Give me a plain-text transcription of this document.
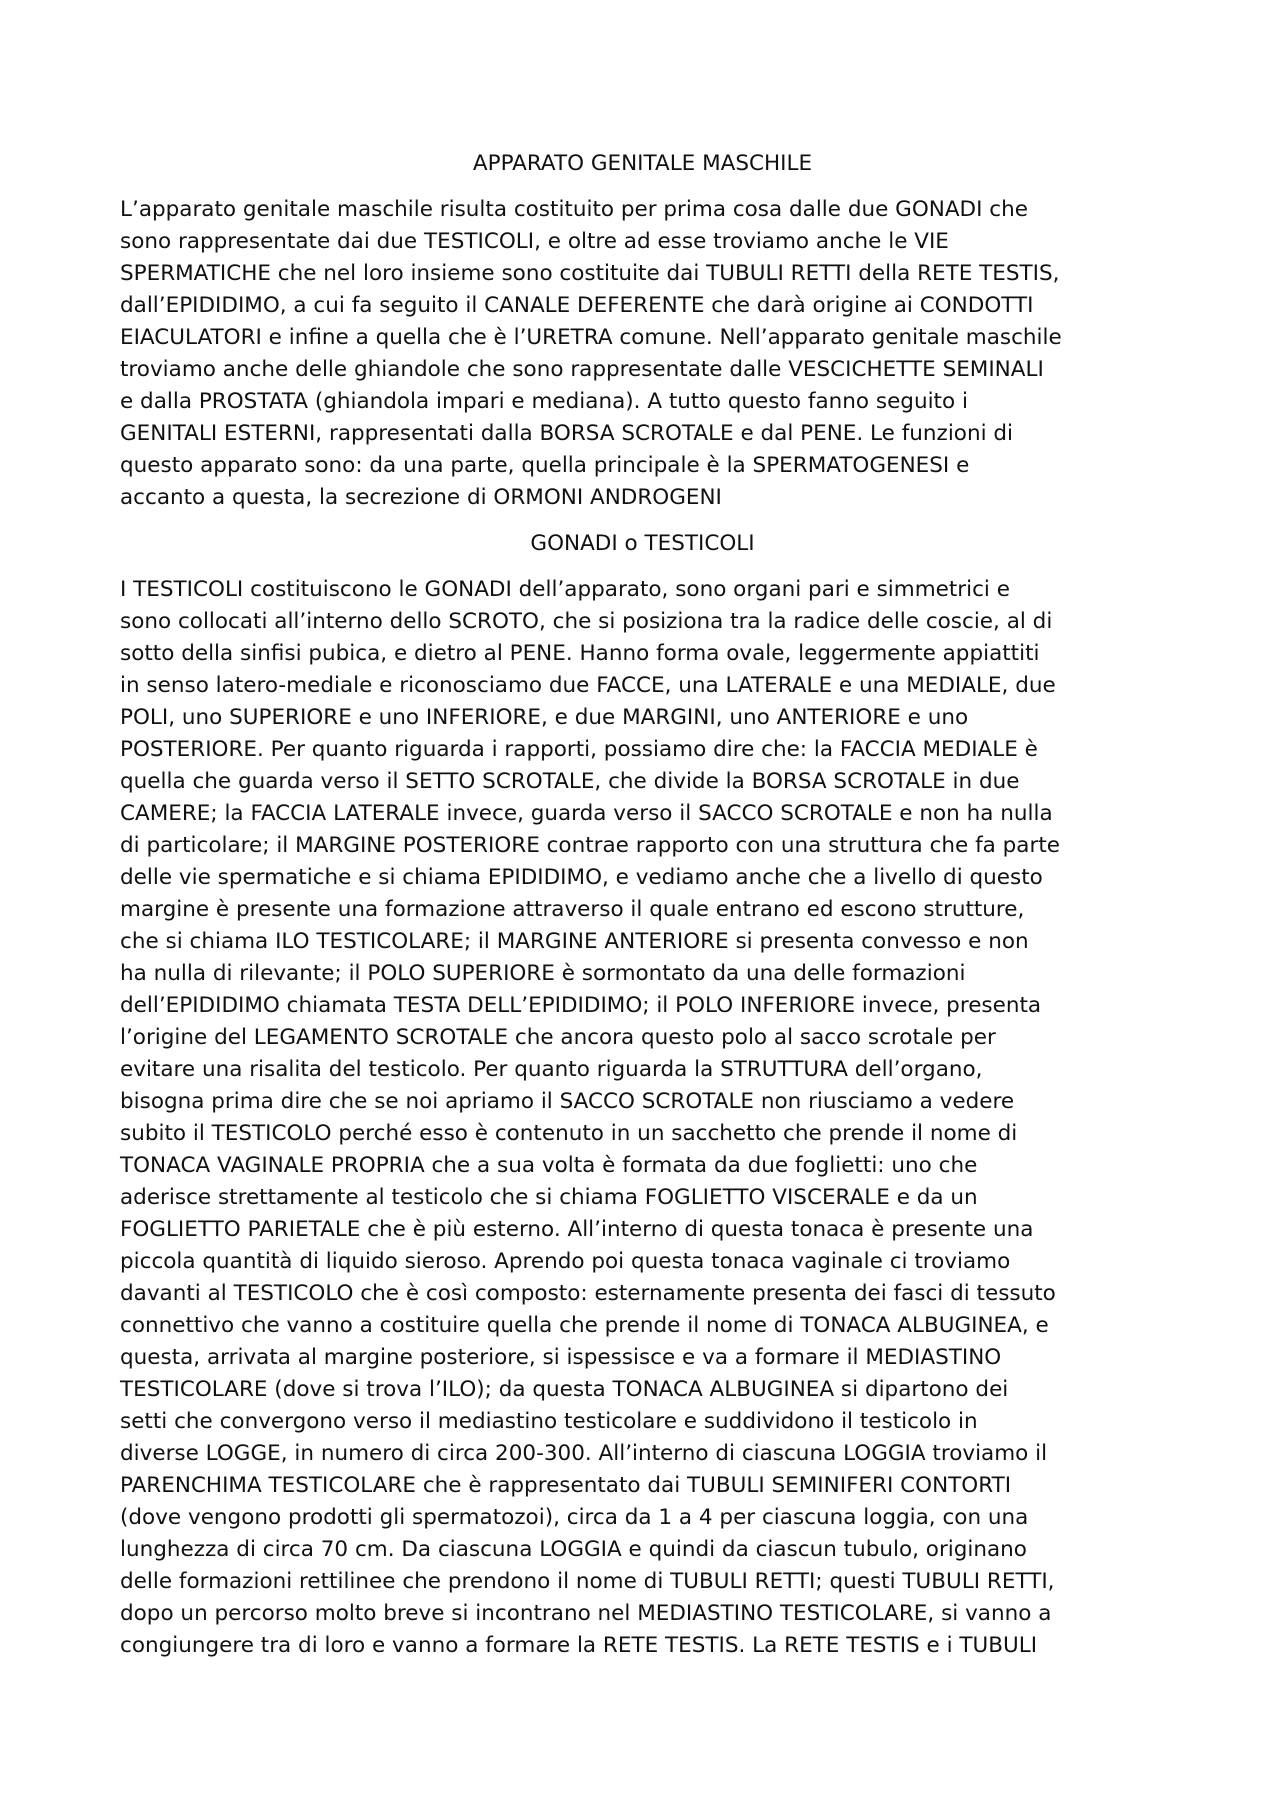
APPARATO GENITALE MASCHILE

L’apparato genitale maschile risulta costituito per prima cosa dalle due GONADI che
sono rappresentate dai due TESTICOLI, e oltre ad esse troviamo anche le VIE
SPERMATICHE che nel loro insieme sono costituite dai TUBULI RETTI della RETE TESTIS,
dall’EPIDIDIMO, a cui fa seguito il CANALE DEFERENTE che darà origine ai CONDOTTI
EIACULATORI e infine a quella che è l’URETRA comune. Nell’apparato genitale maschile
troviamo anche delle ghiandole che sono rappresentate dalle VESCICHETTE SEMINALI
e dalla PROSTATA (ghiandola impari e mediana). A tutto questo fanno seguito i
GENITALI ESTERNI, rappresentati dalla BORSA SCROTALE e dal PENE. Le funzioni di
questo apparato sono: da una parte, quella principale è la SPERMATOGENESI e
accanto a questa, la secrezione di ORMONI ANDROGENI

GONADI o TESTICOLI

I TESTICOLI costituiscono le GONADI dell’apparato, sono organi pari e simmetrici e
sono collocati all’interno dello SCROTO, che si posiziona tra la radice delle coscie, al di
sotto della sinfisi pubica, e dietro al PENE. Hanno forma ovale, leggermente appiattiti
in senso latero-mediale e riconosciamo due FACCE, una LATERALE e una MEDIALE, due
POLI, uno SUPERIORE e uno INFERIORE, e due MARGINI, uno ANTERIORE e uno
POSTERIORE. Per quanto riguarda i rapporti, possiamo dire che: la FACCIA MEDIALE è
quella che guarda verso il SETTO SCROTALE, che divide la BORSA SCROTALE in due
CAMERE; la FACCIA LATERALE invece, guarda verso il SACCO SCROTALE e non ha nulla
di particolare; il MARGINE POSTERIORE contrae rapporto con una struttura che fa parte
delle vie spermatiche e si chiama EPIDIDIMO, e vediamo anche che a livello di questo
margine è presente una formazione attraverso il quale entrano ed escono strutture,
che si chiama ILO TESTICOLARE; il MARGINE ANTERIORE si presenta convesso e non
ha nulla di rilevante; il POLO SUPERIORE è sormontato da una delle formazioni
dell’EPIDIDIMO chiamata TESTA DELL’EPIDIDIMO; il POLO INFERIORE invece, presenta
l’origine del LEGAMENTO SCROTALE che ancora questo polo al sacco scrotale per
evitare una risalita del testicolo. Per quanto riguarda la STRUTTURA dell’organo,
bisogna prima dire che se noi apriamo il SACCO SCROTALE non riusciamo a vedere
subito il TESTICOLO perché esso è contenuto in un sacchetto che prende il nome di
TONACA VAGINALE PROPRIA che a sua volta è formata da due foglietti: uno che
aderisce strettamente al testicolo che si chiama FOGLIETTO VISCERALE e da un
FOGLIETTO PARIETALE che è più esterno. All’interno di questa tonaca è presente una
piccola quantità di liquido sieroso. Aprendo poi questa tonaca vaginale ci troviamo
davanti al TESTICOLO che è così composto: esternamente presenta dei fasci di tessuto
connettivo che vanno a costituire quella che prende il nome di TONACA ALBUGINEA, e
questa, arrivata al margine posteriore, si ispessisce e va a formare il MEDIASTINO
TESTICOLARE (dove si trova l’ILO); da questa TONACA ALBUGINEA si dipartono dei
setti che convergono verso il mediastino testicolare e suddividono il testicolo in
diverse LOGGE, in numero di circa 200-300. All’interno di ciascuna LOGGIA troviamo il
PARENCHIMA TESTICOLARE che è rappresentato dai TUBULI SEMINIFERI CONTORTI
(dove vengono prodotti gli spermatozoi), circa da 1 a 4 per ciascuna loggia, con una
lunghezza di circa 70 cm. Da ciascuna LOGGIA e quindi da ciascun tubulo, originano
delle formazioni rettilinee che prendono il nome di TUBULI RETTI; questi TUBULI RETTI,
dopo un percorso molto breve si incontrano nel MEDIASTINO TESTICOLARE, si vanno a
congiungere tra di loro e vanno a formare la RETE TESTIS. La RETE TESTIS e i TUBULI
